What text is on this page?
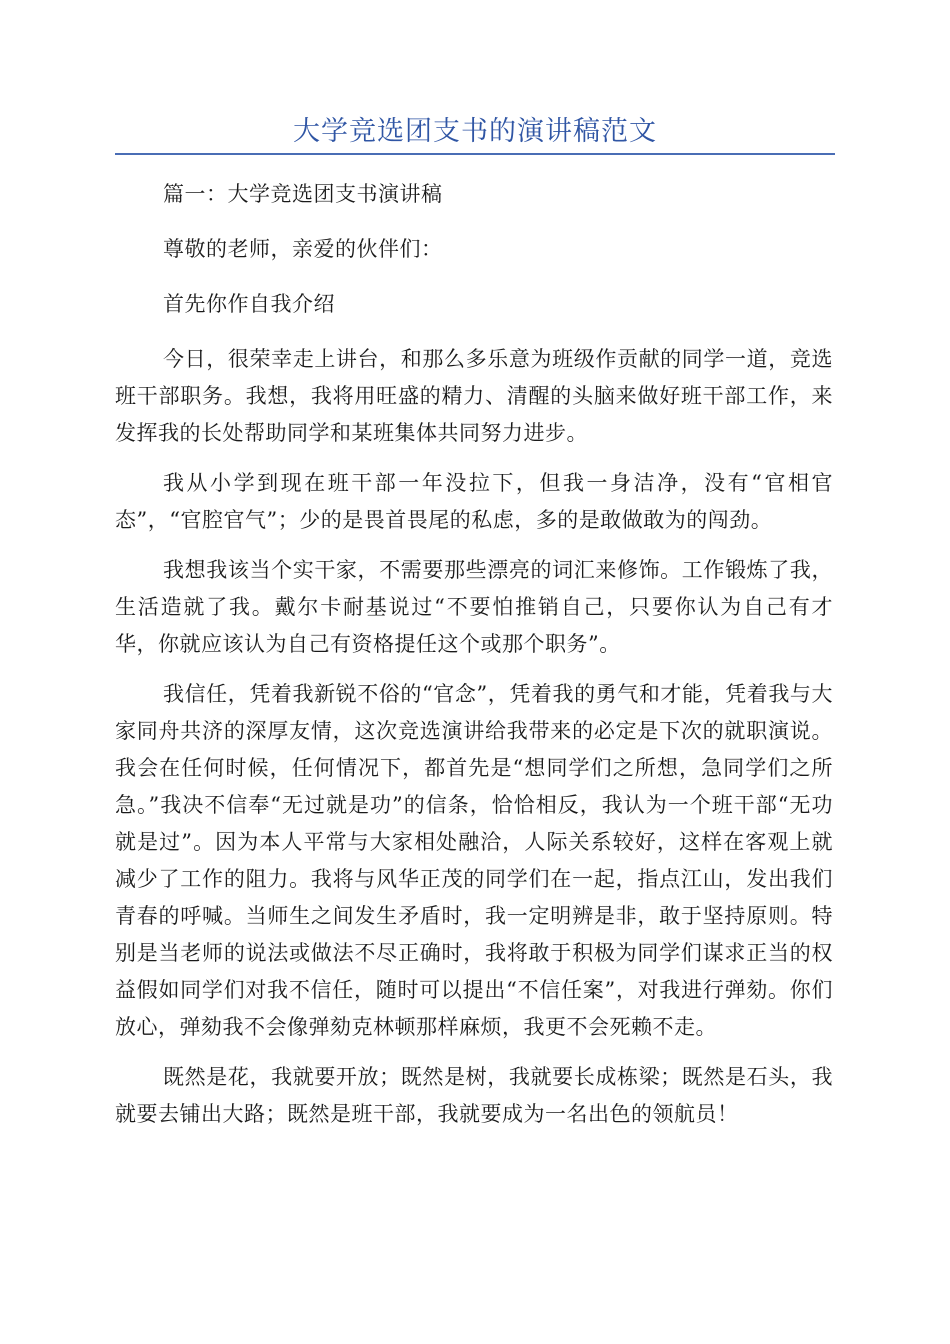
大学竞选团支书的演讲稿范文

篇一：大学竞选团支书演讲稿

尊敬的老师，亲爱的伙伴们：

首先你作自我介绍

今日，很荣幸走上讲台，和那么多乐意为班级作贡献的同学一道，竞选班干部职务。我想，我将用旺盛的精力、清醒的头脑来做好班干部工作，来发挥我的长处帮助同学和某班集体共同努力进步。

我从小学到现在班干部一年没拉下，但我一身洁净，没有“官相官态”，“官腔官气”；少的是畏首畏尾的私虑，多的是敢做敢为的闯劲。

我想我该当个实干家，不需要那些漂亮的词汇来修饰。工作锻炼了我，生活造就了我。戴尔卡耐基说过“不要怕推销自己，只要你认为自己有才华，你就应该认为自己有资格提任这个或那个职务”。

我信任，凭着我新锐不俗的“官念”，凭着我的勇气和才能，凭着我与大家同舟共济的深厚友情，这次竞选演讲给我带来的必定是下次的就职演说。我会在任何时候，任何情况下，都首先是“想同学们之所想，急同学们之所急。”我决不信奉“无过就是功”的信条，恰恰相反，我认为一个班干部“无功就是过”。因为本人平常与大家相处融洽，人际关系较好，这样在客观上就减少了工作的阻力。我将与风华正茂的同学们在一起，指点江山，发出我们青春的呼喊。当师生之间发生矛盾时，我一定明辨是非，敢于坚持原则。特别是当老师的说法或做法不尽正确时，我将敢于积极为同学们谋求正当的权益假如同学们对我不信任，随时可以提出“不信任案”，对我进行弹劾。你们放心，弹劾我不会像弹劾克林顿那样麻烦，我更不会死赖不走。

既然是花，我就要开放；既然是树，我就要长成栋梁；既然是石头，我就要去铺出大路；既然是班干部，我就要成为一名出色的领航员！
